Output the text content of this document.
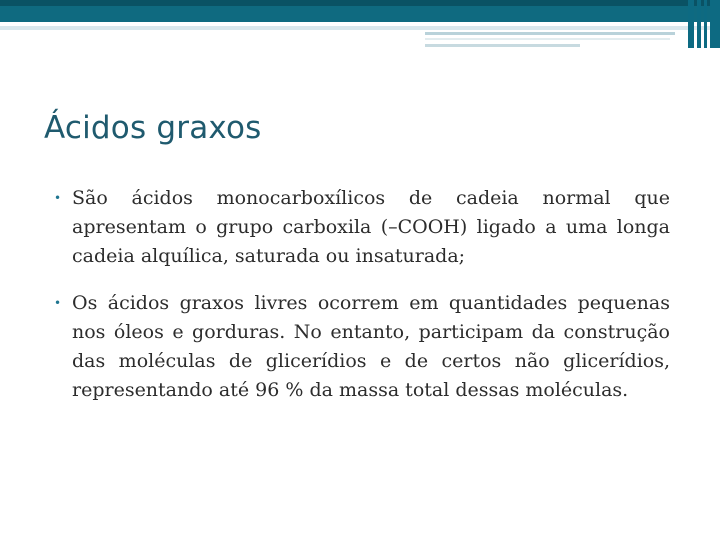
Ácidos graxos
• São ácidos monocarboxílicos de cadeia normal que apresentam o grupo carboxila (–COOH) ligado a uma longa cadeia alquílica, saturada ou insaturada;
• Os ácidos graxos livres ocorrem em quantidades pequenas nos óleos e gorduras. No entanto, participam da construção das moléculas de glicerídios e de certos não glicerídios, representando até 96 % da massa total dessas moléculas.
